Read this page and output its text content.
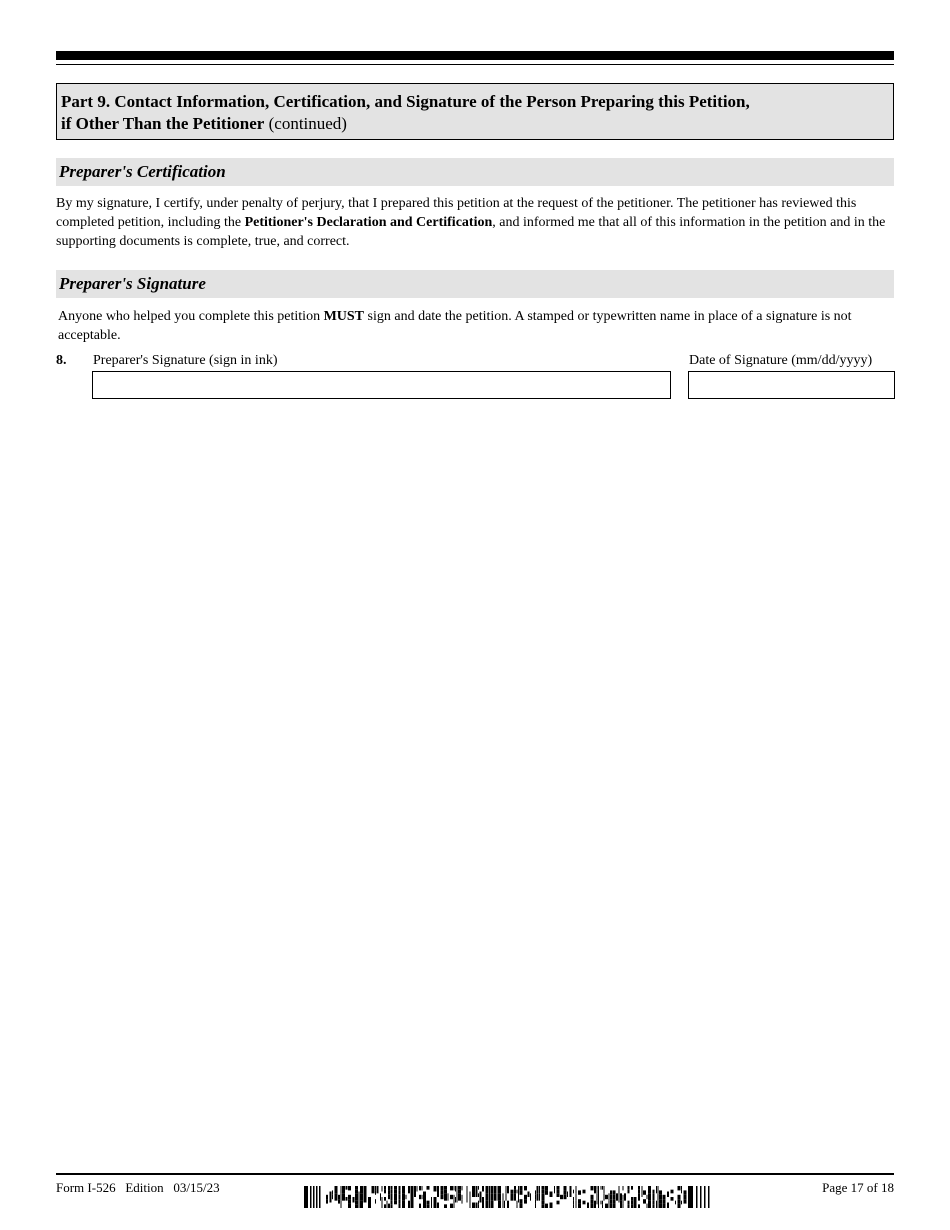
Part 9. Contact Information, Certification, and Signature of the Person Preparing this Petition,
if Other Than the Petitioner (continued)
Preparer's Certification
By my signature, I certify, under penalty of perjury, that I prepared this petition at the request of the petitioner. The petitioner has reviewed this completed petition, including the Petitioner's Declaration and Certification, and informed me that all of this information in the petition and in the supporting documents is complete, true, and correct.
Preparer's Signature
Anyone who helped you complete this petition MUST sign and date the petition. A stamped or typewritten name in place of a signature is not acceptable.
8. Preparer's Signature (sign in ink)	Date of Signature (mm/dd/yyyy)
Form I-526   Edition   03/15/23	Page 17 of 18
